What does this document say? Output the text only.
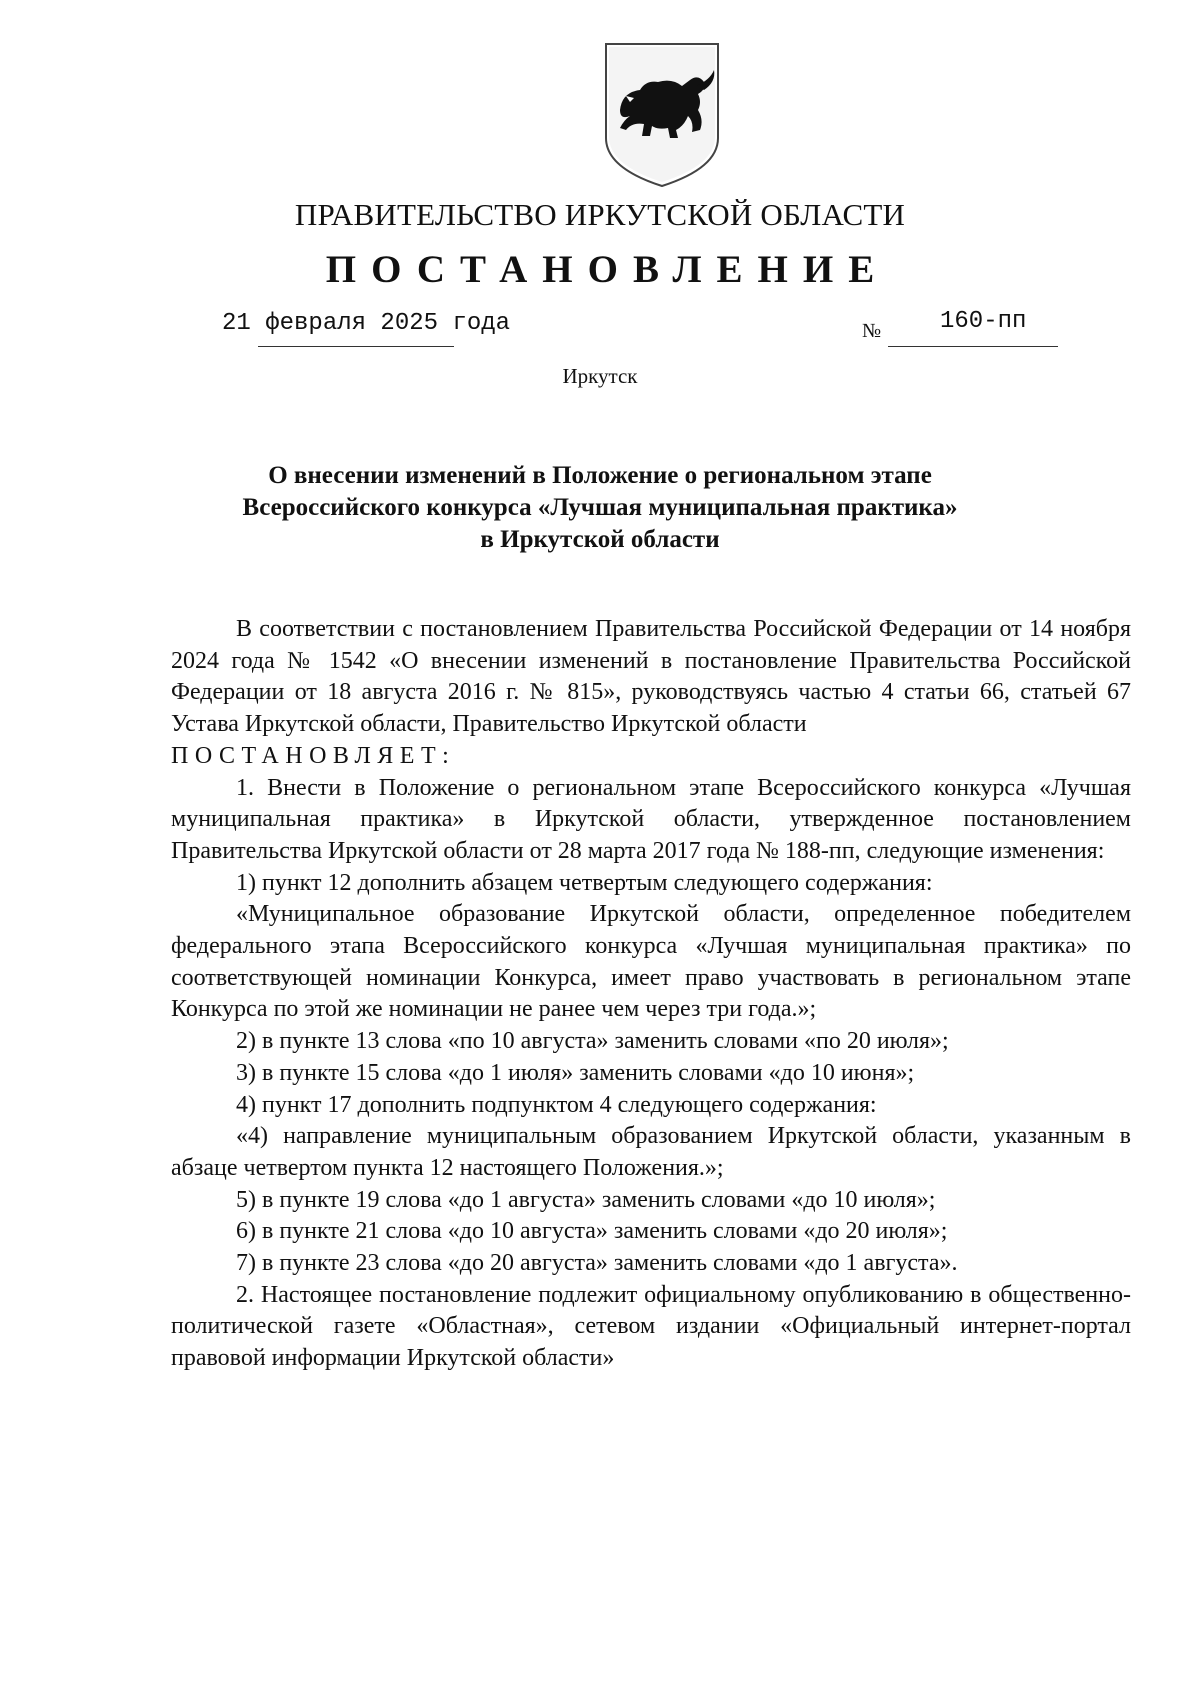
ПРАВИТЕЛЬСТВО ИРКУТСКОЙ ОБЛАСТИ
ПОСТАНОВЛЕНИЕ
21 февраля 2025 года	№ 160-пп
Иркутск
О внесении изменений в Положение о региональном этапе
Всероссийского конкурса «Лучшая муниципальная практика»
в Иркутской области

В соответствии с постановлением Правительства Российской Федерации от 14 ноября 2024 года № 1542 «О внесении изменений в постановление Правительства Российской Федерации от 18 августа 2016 г. № 815», руководствуясь частью 4 статьи 66, статьей 67 Устава Иркутской области, Правительство Иркутской области

ПОСТАНОВЛЯЕТ:

1. Внести в Положение о региональном этапе Всероссийского конкурса «Лучшая муниципальная практика» в Иркутской области, утвержденное постановлением Правительства Иркутской области от 28 марта 2017 года № 188-пп, следующие изменения:

1) пункт 12 дополнить абзацем четвертым следующего содержания:

«Муниципальное образование Иркутской области, определенное победителем федерального этапа Всероссийского конкурса «Лучшая муниципальная практика» по соответствующей номинации Конкурса, имеет право участвовать в региональном этапе Конкурса по этой же номинации не ранее чем через три года.»;

2) в пункте 13 слова «по 10 августа» заменить словами «по 20 июля»;

3) в пункте 15 слова «до 1 июля» заменить словами «до 10 июня»;

4) пункт 17 дополнить подпунктом 4 следующего содержания:

«4) направление муниципальным образованием Иркутской области, указанным в абзаце четвертом пункта 12 настоящего Положения.»;

5) в пункте 19 слова «до 1 августа» заменить словами «до 10 июля»;

6) в пункте 21 слова «до 10 августа» заменить словами «до 20 июля»;

7) в пункте 23 слова «до 20 августа» заменить словами «до 1 августа».

2. Настоящее постановление подлежит официальному опубликованию в общественно-политической газете «Областная», сетевом издании «Официальный интернет-портал правовой информации Иркутской области»
